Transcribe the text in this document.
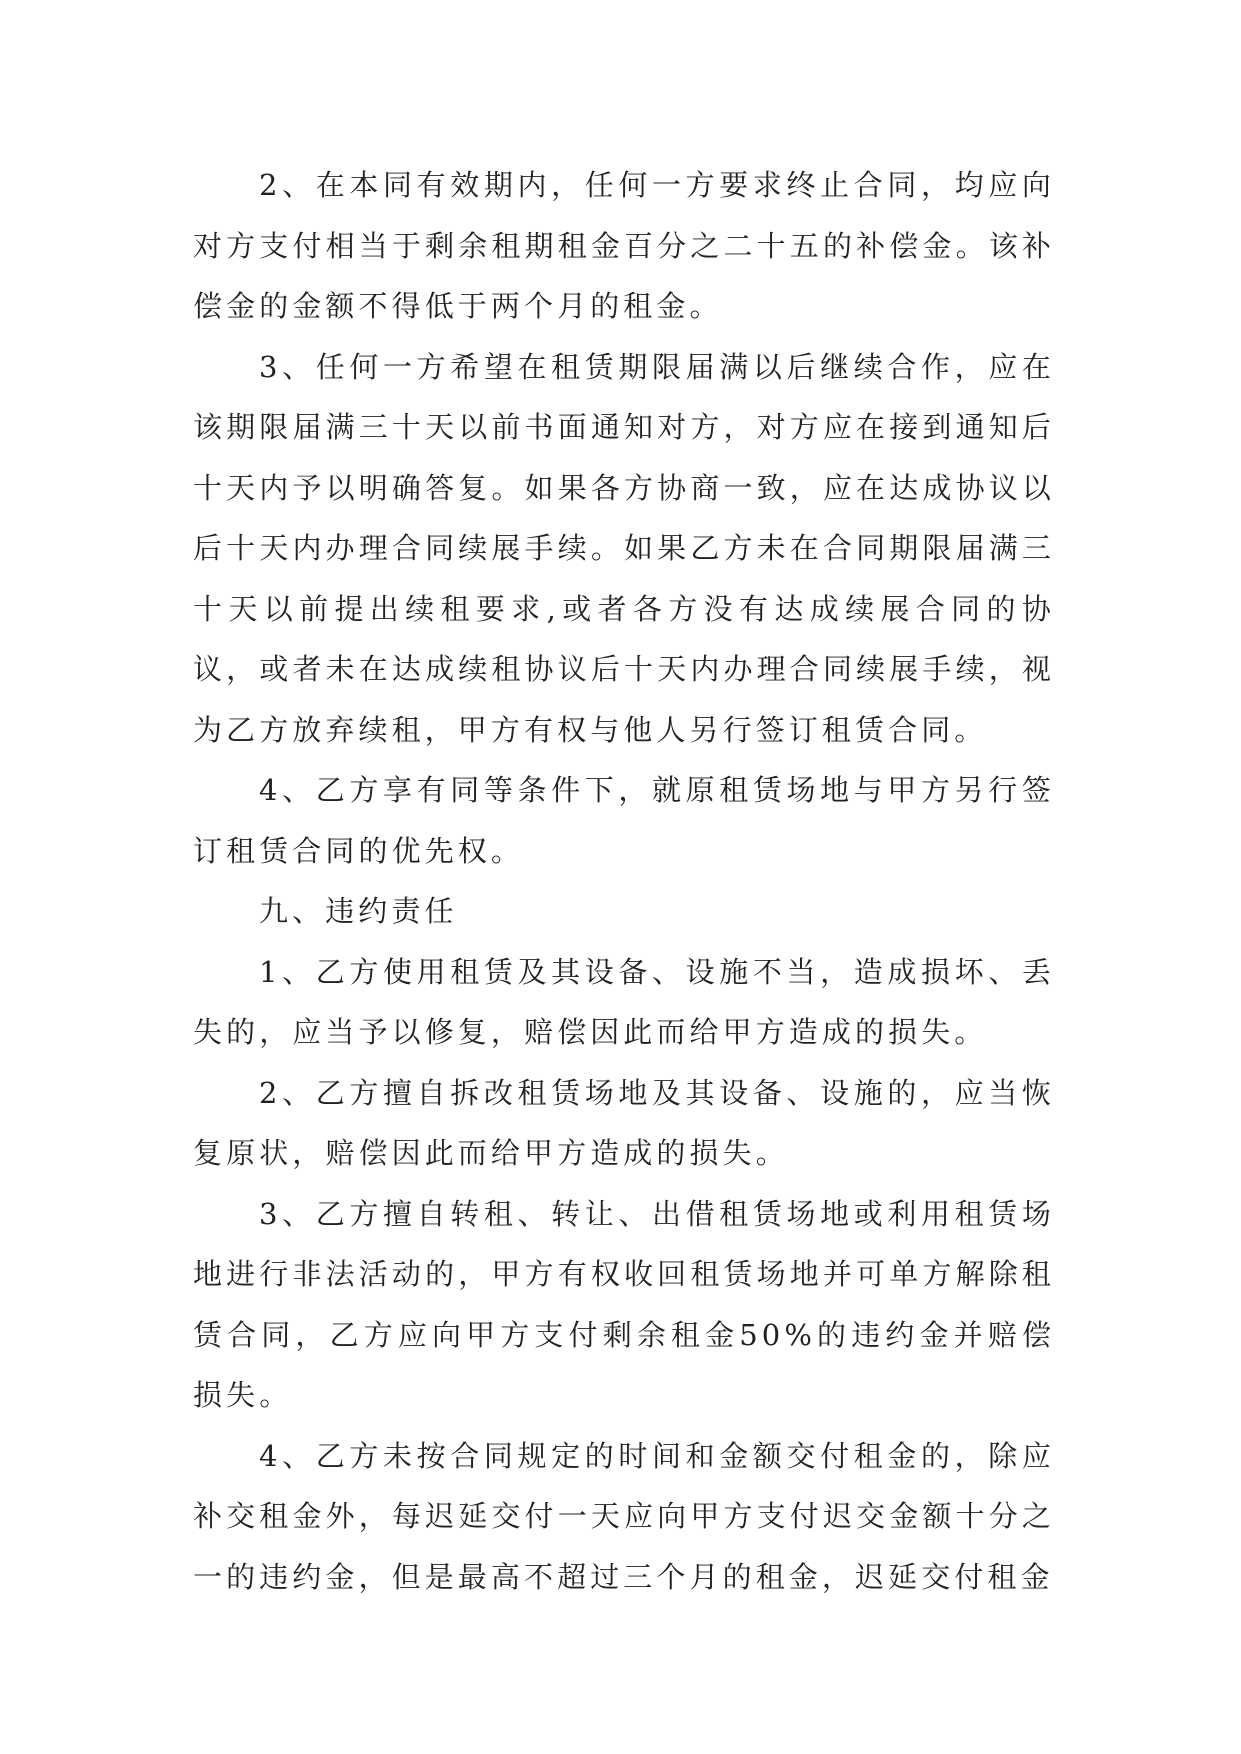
2、在本同有效期内，任何一方要求终止合同，均应向对方支付相当于剩余租期租金百分之二十五的补偿金。该补偿金的金额不得低于两个月的租金。

3、任何一方希望在租赁期限届满以后继续合作，应在该期限届满三十天以前书面通知对方，对方应在接到通知后十天内予以明确答复。如果各方协商一致，应在达成协议以后十天内办理合同续展手续。如果乙方未在合同期限届满三十天以前提出续租要求,或者各方没有达成续展合同的协议，或者未在达成续租协议后十天内办理合同续展手续，视为乙方放弃续租，甲方有权与他人另行签订租赁合同。

4、乙方享有同等条件下，就原租赁场地与甲方另行签订租赁合同的优先权。

九、违约责任

1、乙方使用租赁及其设备、设施不当，造成损坏、丢失的，应当予以修复，赔偿因此而给甲方造成的损失。

2、乙方擅自拆改租赁场地及其设备、设施的，应当恢复原状，赔偿因此而给甲方造成的损失。

3、乙方擅自转租、转让、出借租赁场地或利用租赁场地进行非法活动的，甲方有权收回租赁场地并可单方解除租赁合同，乙方应向甲方支付剩余租金50%的违约金并赔偿损失。

4、乙方未按合同规定的时间和金额交付租金的，除应补交租金外，每迟延交付一天应向甲方支付迟交金额十分之一的违约金，但是最高不超过三个月的租金，迟延交付租金
